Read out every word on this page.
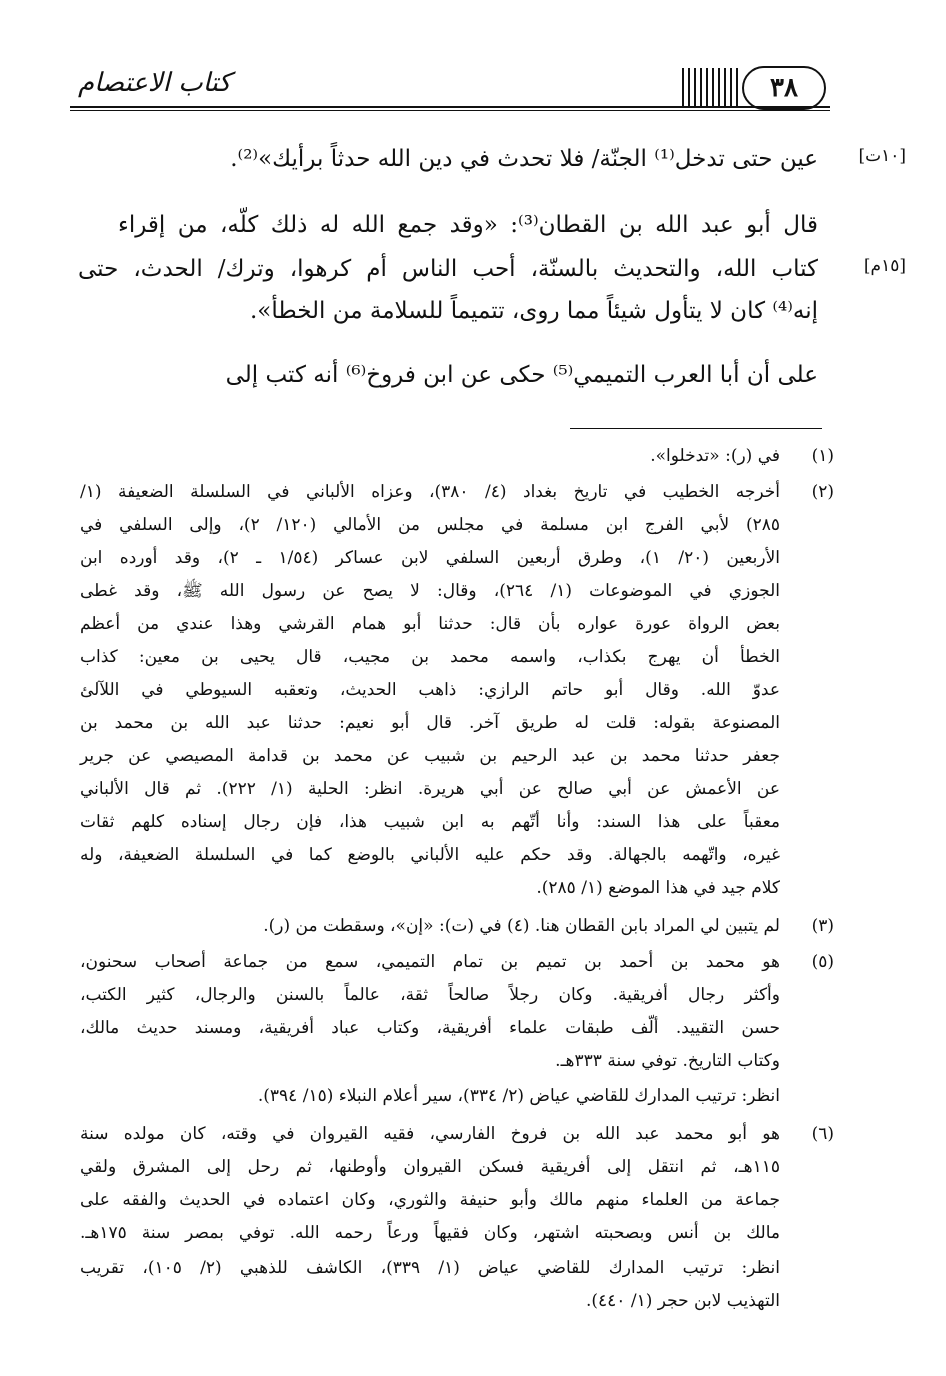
كتاب الاعتصام	٣٨
[١٠ت]
[١٥م]
عين حتى تدخل⁽¹⁾ الجنّة/ فلا تحدث في دين الله حدثاً برأيك»⁽²⁾.
قال أبو عبد الله بن القطان⁽³⁾: «وقد جمع الله له ذلك كلّه، من إقراء
كتاب الله، والتحديث بالسنّة، أحب الناس أم كرهوا، وترك/ الحدث، حتى
إنه⁽⁴⁾ كان لا يتأول شيئاً مما روى، تتميماً للسلامة من الخطأ».
على أن أبا العرب التميمي⁽⁵⁾ حكى عن ابن فروخ⁽⁶⁾ أنه كتب إلى
(١)
(٢)
(٣)
(٥)
(٦)
في (ر): «تدخلوا».
أخرجه الخطيب في تاريخ بغداد (٤/ ٣٨٠)، وعزاه الألباني في السلسلة الضعيفة (١/
٢٨٥) لأبي الفرج ابن مسلمة في مجلس من الأمالي (١٢٠/ ٢)، وإلى السلفي في
الأربعين (٢٠/ ١)، وطرق أربعين السلفي لابن عساكر (١/٥٤ ـ ٢)، وقد أورده ابن
الجوزي في الموضوعات (١/ ٢٦٤)، وقال: لا يصح عن رسول الله ﷺ، وقد غطى
بعض الرواة عورة عواره بأن قال: حدثنا أبو همام القرشي وهذا عندي من أعظم
الخطأ أن يهرج بكذاب، واسمه محمد بن مجيب، قال يحيى بن معين: كذاب
عدوّ الله. وقال أبو حاتم الرازي: ذاهب الحديث، وتعقبه السيوطي في اللآلئ
المصنوعة بقوله: قلت له طريق آخر. قال أبو نعيم: حدثنا عبد الله بن محمد بن
جعفر حدثنا محمد بن عبد الرحيم بن شبيب عن محمد بن قدامة المصيصي عن جرير
عن الأعمش عن أبي صالح عن أبي هريرة. انظر: الحلية (١/ ٢٢٢). ثم قال الألباني
معقباً على هذا السند: وأنا أتّهم به ابن شبيب هذا، فإن رجال إسناده كلهم ثقات
غيره، واتّهمه بالجهالة. وقد حكم عليه الألباني بالوضع كما في السلسلة الضعيفة، وله
كلام جيد في هذا الموضع (١/ ٢٨٥).
لم يتبين لي المراد بابن القطان هنا. (٤) في (ت): «إن»، وسقطت من (ر).
هو محمد بن أحمد بن تميم بن تمام التميمي، سمع من جماعة أصحاب سحنون،
وأكثر رجال أفريقية. وكان رجلاً صالحاً ثقة، عالماً بالسنن والرجال، كثير الكتب،
حسن التقييد. ألّف طبقات علماء أفريقية، وكتاب عباد أفريقية، ومسند حديث مالك،
وكتاب التاريخ. توفي سنة ٣٣٣هـ.
انظر: ترتيب المدارك للقاضي عياض (٢/ ٣٣٤)، سير أعلام النبلاء (١٥/ ٣٩٤).
هو أبو محمد عبد الله بن فروخ الفارسي، فقيه القيروان في وقته، كان مولده سنة
١١٥هـ، ثم انتقل إلى أفريقية فسكن القيروان وأوطنها، ثم رحل إلى المشرق ولقي
جماعة من العلماء منهم مالك وأبو حنيفة والثوري، وكان اعتماده في الحديث والفقه على
مالك بن أنس وبصحبته اشتهر، وكان فقيهاً ورعاً رحمه الله. توفي بمصر سنة ١٧٥هـ.
انظر: ترتيب المدارك للقاضي عياض (١/ ٣٣٩)، الكاشف للذهبي (٢/ ١٠٥)، تقريب
التهذيب لابن حجر (١/ ٤٤٠).
